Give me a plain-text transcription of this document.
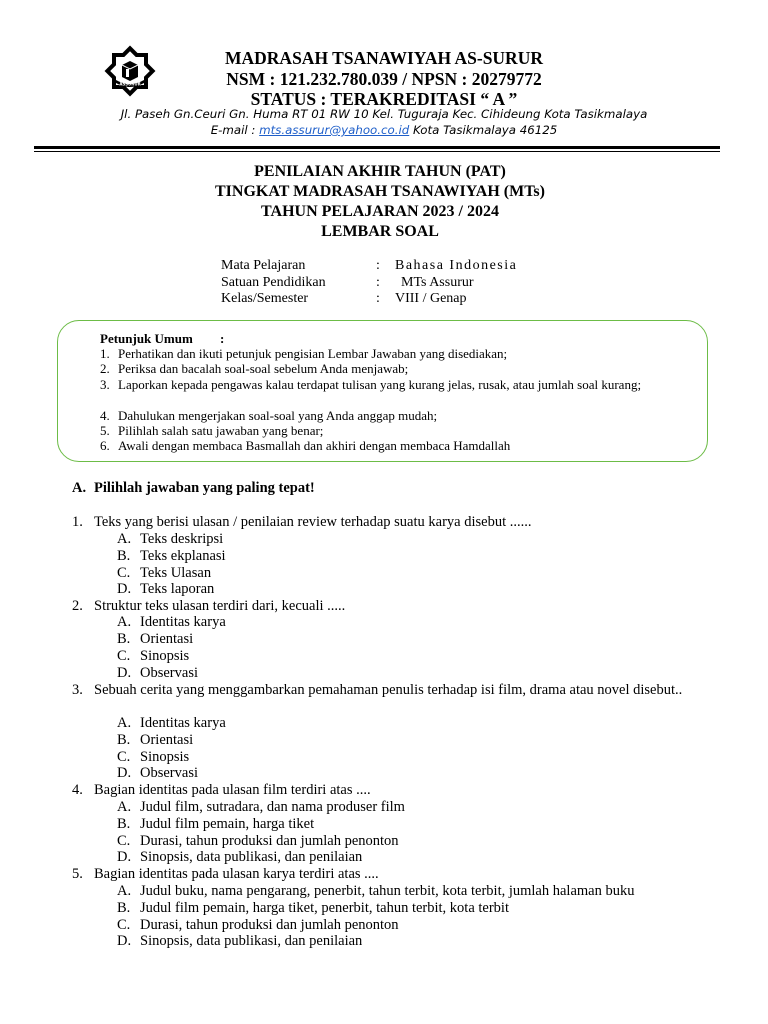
ASSURUR
MADRASAH TSANAWIYAH AS-SURUR
NSM : 121.232.780.039 / NPSN : 20279772
STATUS : TERAKREDITASI “ A ”
Jl. Paseh Gn.Ceuri Gn. Huma RT 01 RW 10 Kel. Tuguraja Kec. Cihideung Kota Tasikmalaya
E-mail : mts.assurur@yahoo.co.id Kota Tasikmalaya 46125
PENILAIAN AKHIR TAHUN (PAT)
TINGKAT MADRASAH TSANAWIYAH (MTs)
TAHUN PELAJARAN 2023 / 2024
LEMBAR SOAL
Mata Pelajaran	: Bahasa Indonesia
Satuan Pendidikan	: MTs Assurur
Kelas/Semester	: VIII / Genap
Petunjuk Umum :
1. Perhatikan dan ikuti petunjuk pengisian Lembar Jawaban yang disediakan;
2. Periksa dan bacalah soal-soal sebelum Anda menjawab;
3. Laporkan kepada pengawas kalau terdapat tulisan yang kurang jelas, rusak, atau jumlah soal kurang;
4. Dahulukan mengerjakan soal-soal yang Anda anggap mudah;
5. Pilihlah salah satu jawaban yang benar;
6. Awali dengan membaca Basmallah dan akhiri dengan membaca Hamdallah
A. Pilihlah jawaban yang paling tepat!
1. Teks yang berisi ulasan / penilaian review terhadap suatu karya disebut ......
A. Teks deskripsi
B. Teks ekplanasi
C. Teks Ulasan
D. Teks laporan
2. Struktur teks ulasan terdiri dari, kecuali .....
A. Identitas karya
B. Orientasi
C. Sinopsis
D. Observasi
3. Sebuah cerita yang menggambarkan pemahaman penulis terhadap isi film, drama atau novel disebut..
A. Identitas karya
B. Orientasi
C. Sinopsis
D. Observasi
4. Bagian identitas pada ulasan film terdiri atas ....
A. Judul film, sutradara, dan nama produser film
B. Judul film pemain, harga tiket
C. Durasi, tahun produksi dan jumlah penonton
D. Sinopsis, data publikasi, dan penilaian
5. Bagian identitas pada ulasan karya terdiri atas ....
A. Judul buku, nama pengarang, penerbit, tahun terbit, kota terbit, jumlah halaman buku
B. Judul film pemain, harga tiket, penerbit, tahun terbit, kota terbit
C. Durasi, tahun produksi dan jumlah penonton
D. Sinopsis, data publikasi, dan penilaian
